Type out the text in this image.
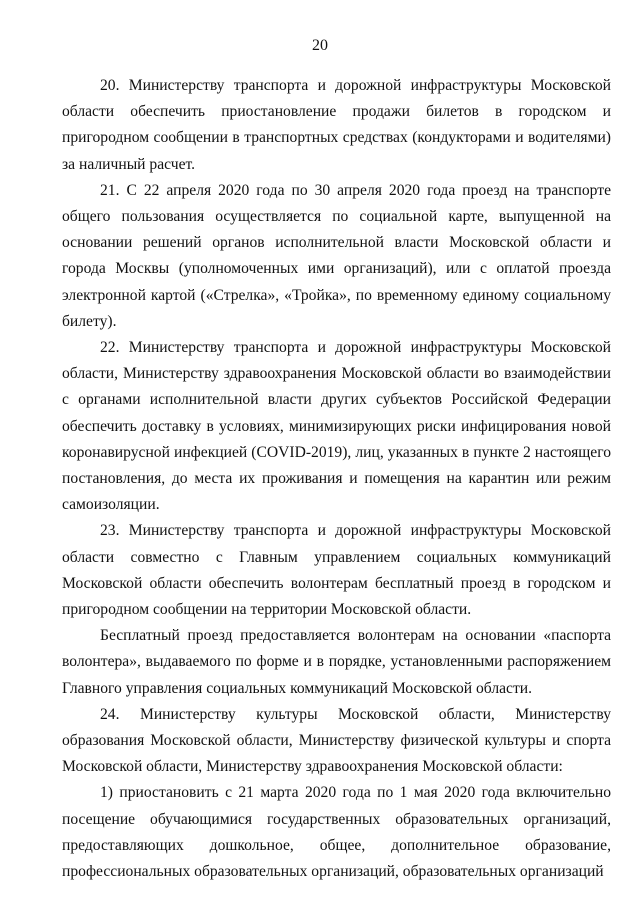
20

20. Министерству транспорта и дорожной инфраструктуры Московской области обеспечить приостановление продажи билетов в городском и пригородном сообщении в транспортных средствах (кондукторами и водителями) за наличный расчет.

21. С 22 апреля 2020 года по 30 апреля 2020 года проезд на транспорте общего пользования осуществляется по социальной карте, выпущенной на основании решений органов исполнительной власти Московской области и города Москвы (уполномоченных ими организаций), или с оплатой проезда электронной картой («Стрелка», «Тройка», по временному единому социальному билету).

22. Министерству транспорта и дорожной инфраструктуры Московской области, Министерству здравоохранения Московской области во взаимодействии с органами исполнительной власти других субъектов Российской Федерации обеспечить доставку в условиях, минимизирующих риски инфицирования новой коронавирусной инфекцией (COVID-2019), лиц, указанных в пункте 2 настоящего постановления, до места их проживания и помещения на карантин или режим самоизоляции.

23. Министерству транспорта и дорожной инфраструктуры Московской области совместно с Главным управлением социальных коммуникаций Московской области обеспечить волонтерам бесплатный проезд в городском и пригородном сообщении на территории Московской области.

Бесплатный проезд предоставляется волонтерам на основании «паспорта волонтера», выдаваемого по форме и в порядке, установленными распоряжением Главного управления социальных коммуникаций Московской области.

24. Министерству культуры Московской области, Министерству образования Московской области, Министерству физической культуры и спорта Московской области, Министерству здравоохранения Московской области:

1) приостановить с 21 марта 2020 года по 1 мая 2020 года включительно посещение обучающимися государственных образовательных организаций, предоставляющих дошкольное, общее, дополнительное образование, профессиональных образовательных организаций, образовательных организаций
